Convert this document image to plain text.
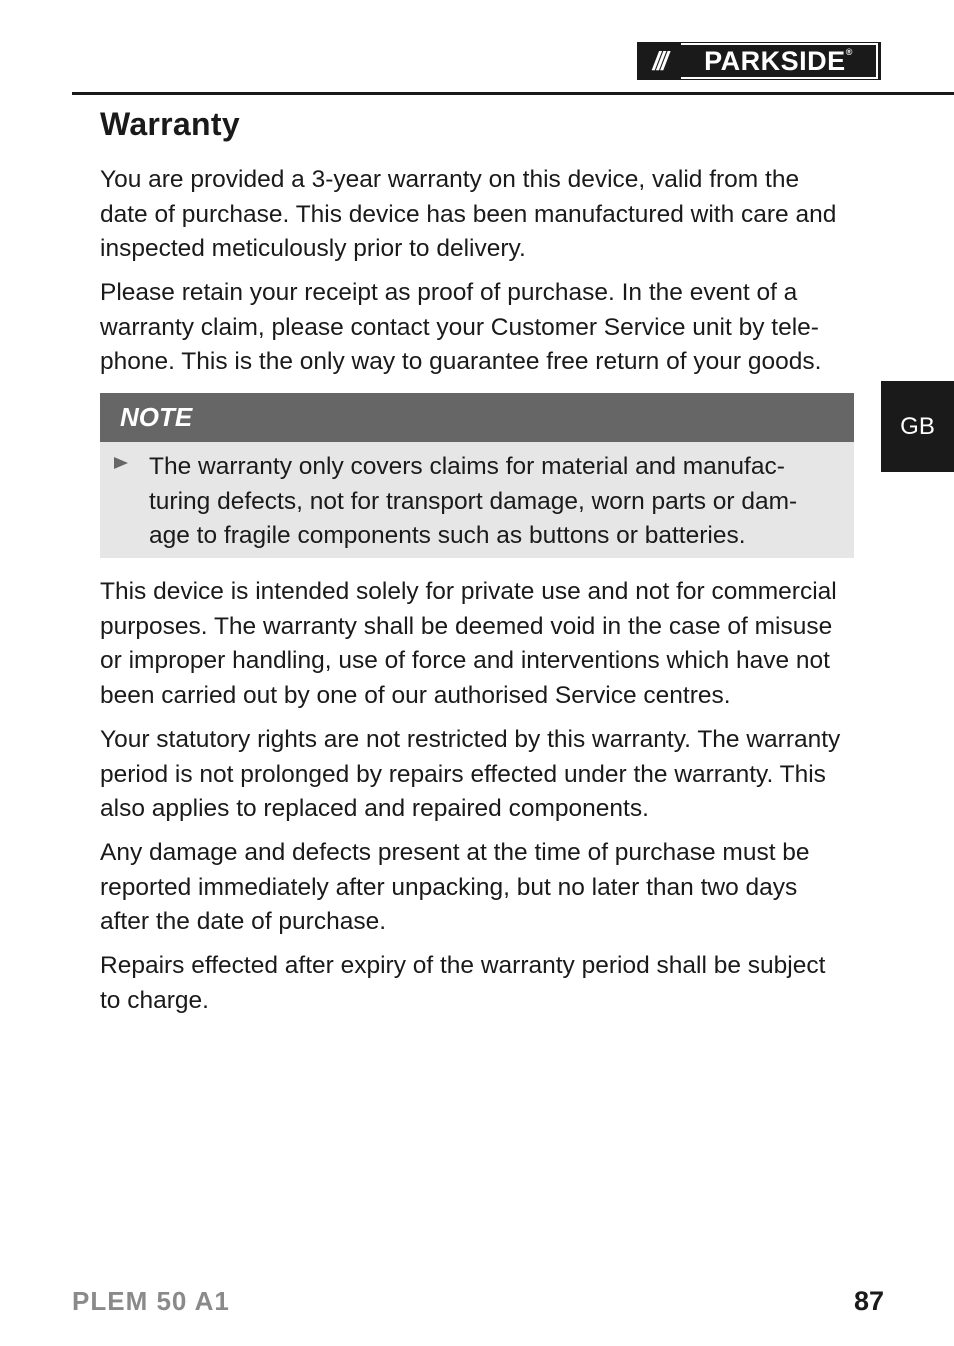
///	PARKSIDE®
Warranty

You are provided a 3-year warranty on this device, valid from the
date of purchase. This device has been manufactured with care and
inspected meticulously prior to delivery.

Please retain your receipt as proof of purchase. In the event of a
warranty claim, please contact your Customer Service unit by tele-
phone. This is the only way to guarantee free return of your goods.

NOTE

The warranty only covers claims for material and manufac-
turing defects, not for transport damage, worn parts or dam-
age to fragile components such as buttons or batteries.

This device is intended solely for private use and not for commercial
purposes. The warranty shall be deemed void in the case of misuse
or improper handling, use of force and interventions which have not
been carried out by one of our authorised Service centres.

Your statutory rights are not restricted by this warranty. The warranty
period is not prolonged by repairs effected under the warranty. This
also applies to replaced and repaired components.

Any damage and defects present at the time of purchase must be
reported immediately after unpacking, but no later than two days
after the date of purchase.

Repairs effected after expiry of the warranty period shall be subject
to charge.

GB

PLEM 50 A1	87
